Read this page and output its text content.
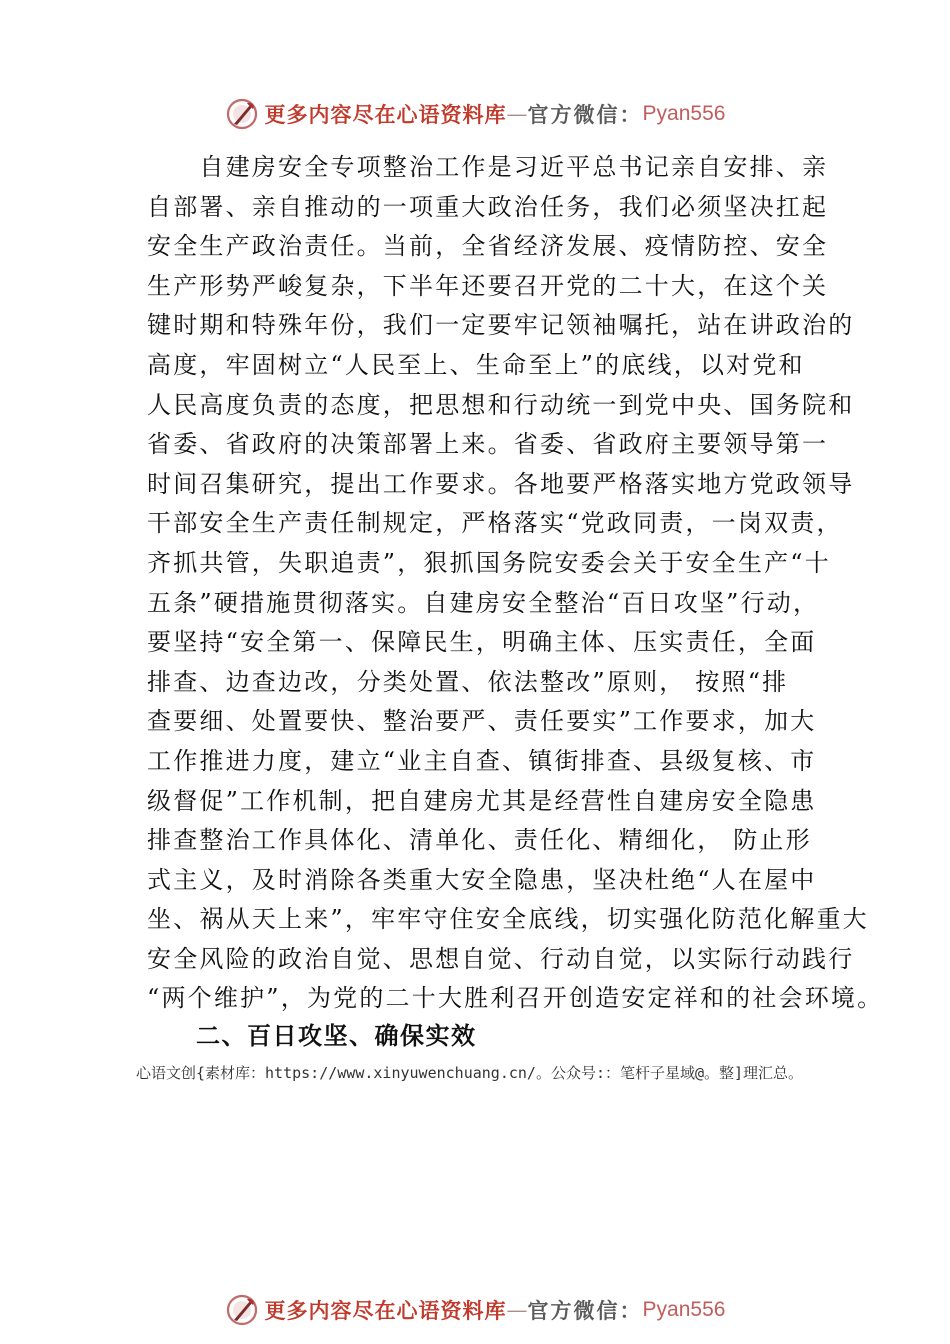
更多内容尽在心语资料库 — 官方微信： Pyan556
　　自建房安全专项整治工作是习近平总书记亲自安排、亲
自部署、亲自推动的一项重大政治任务，我们必须坚决扛起
安全生产政治责任。当前，全省经济发展、疫情防控、安全
生产形势严峻复杂，下半年还要召开党的二十大，在这个关
键时期和特殊年份，我们一定要牢记领袖嘱托，站在讲政治的
高度，牢固树立“人民至上、生命至上”的底线，以对党和
人民高度负责的态度，把思想和行动统一到党中央、国务院和
省委、省政府的决策部署上来。省委、省政府主要领导第一
时间召集研究，提出工作要求。各地要严格落实地方党政领导
干部安全生产责任制规定，严格落实“党政同责，一岗双责，
齐抓共管，失职追责”，狠抓国务院安委会关于安全生产“十
五条”硬措施贯彻落实。自建房安全整治“百日攻坚”行动，
要坚持“安全第一、保障民生，明确主体、压实责任，全面
排查、边查边改，分类处置、依法整改”原则， 按照“排
查要细、处置要快、整治要严、责任要实”工作要求，加大
工作推进力度，建立“业主自查、镇街排查、县级复核、市
级督促”工作机制，把自建房尤其是经营性自建房安全隐患
排查整治工作具体化、清单化、责任化、精细化， 防止形
式主义，及时消除各类重大安全隐患，坚决杜绝“人在屋中
坐、祸从天上来”，牢牢守住安全底线，切实强化防范化解重大
安全风险的政治自觉、思想自觉、行动自觉，以实际行动践行
“两个维护”，为党的二十大胜利召开创造安定祥和的社会环境。
二、百日攻坚、确保实效
心语文创{素材库：https://www.xinyuwenchuang.cn/。公众号:：笔杆子星域@。整]理汇总。
更多内容尽在心语资料库 — 官方微信： Pyan556
